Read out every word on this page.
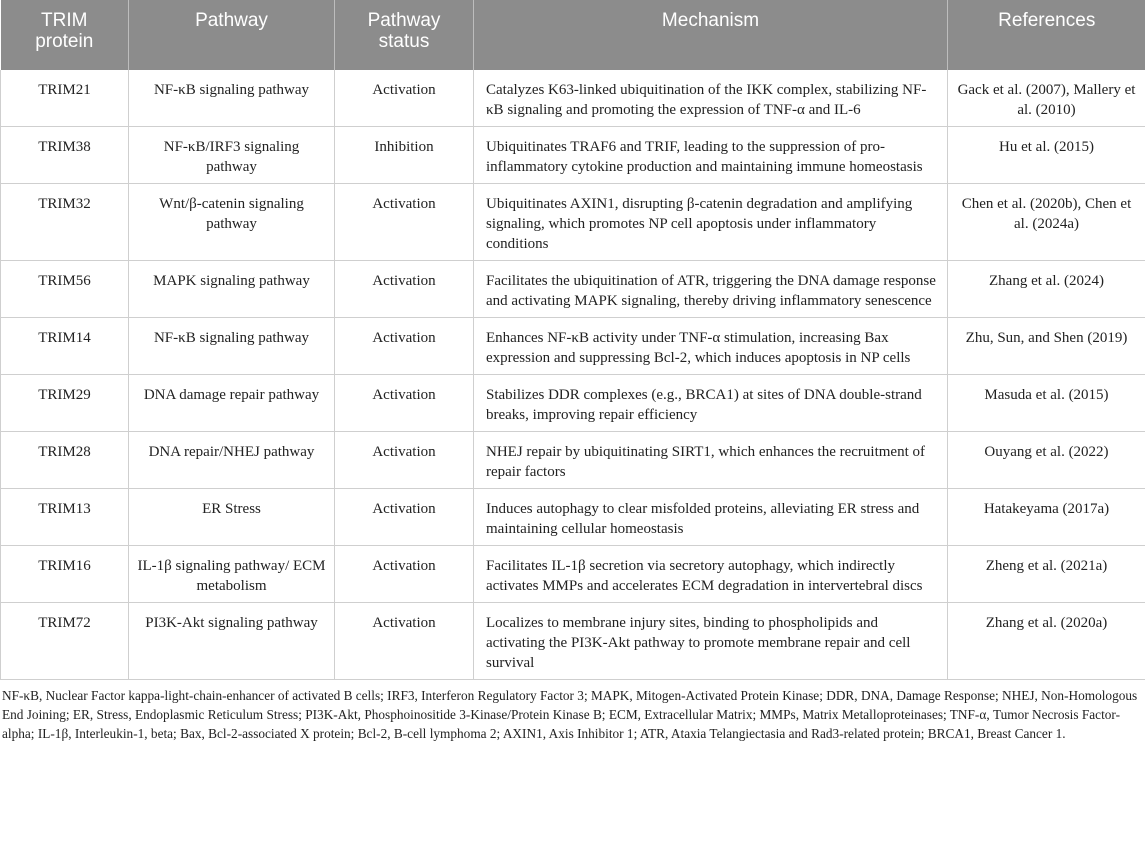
TRIM protein	Pathway	Pathway status	Mechanism	References
TRIM21	NF-κB signaling pathway	Activation	Catalyzes K63-linked ubiquitination of the IKK complex, stabilizing NF-κB signaling and promoting the expression of TNF-α and IL-6	Gack et al. (2007), Mallery et al. (2010)
TRIM38	NF-κB/IRF3 signaling pathway	Inhibition	Ubiquitinates TRAF6 and TRIF, leading to the suppression of pro-inflammatory cytokine production and maintaining immune homeostasis	Hu et al. (2015)
TRIM32	Wnt/β-catenin signaling pathway	Activation	Ubiquitinates AXIN1, disrupting β-catenin degradation and amplifying signaling, which promotes NP cell apoptosis under inflammatory conditions	Chen et al. (2020b), Chen et al. (2024a)
TRIM56	MAPK signaling pathway	Activation	Facilitates the ubiquitination of ATR, triggering the DNA damage response and activating MAPK signaling, thereby driving inflammatory senescence	Zhang et al. (2024)
TRIM14	NF-κB signaling pathway	Activation	Enhances NF-κB activity under TNF-α stimulation, increasing Bax expression and suppressing Bcl-2, which induces apoptosis in NP cells	Zhu, Sun, and Shen (2019)
TRIM29	DNA damage repair pathway	Activation	Stabilizes DDR complexes (e.g., BRCA1) at sites of DNA double-strand breaks, improving repair efficiency	Masuda et al. (2015)
TRIM28	DNA repair/NHEJ pathway	Activation	NHEJ repair by ubiquitinating SIRT1, which enhances the recruitment of repair factors	Ouyang et al. (2022)
TRIM13	ER Stress	Activation	Induces autophagy to clear misfolded proteins, alleviating ER stress and maintaining cellular homeostasis	Hatakeyama (2017a)
TRIM16	IL-1β signaling pathway/ ECM metabolism	Activation	Facilitates IL-1β secretion via secretory autophagy, which indirectly activates MMPs and accelerates ECM degradation in intervertebral discs	Zheng et al. (2021a)
TRIM72	PI3K-Akt signaling pathway	Activation	Localizes to membrane injury sites, binding to phospholipids and activating the PI3K-Akt pathway to promote membrane repair and cell survival	Zhang et al. (2020a)
NF-κB, Nuclear Factor kappa-light-chain-enhancer of activated B cells; IRF3, Interferon Regulatory Factor 3; MAPK, Mitogen-Activated Protein Kinase; DDR, DNA, Damage Response; NHEJ, Non-Homologous End Joining; ER, Stress, Endoplasmic Reticulum Stress; PI3K-Akt, Phosphoinositide 3-Kinase/Protein Kinase B; ECM, Extracellular Matrix; MMPs, Matrix Metalloproteinases; TNF-α, Tumor Necrosis Factor-alpha; IL-1β, Interleukin-1, beta; Bax, Bcl-2-associated X protein; Bcl-2, B-cell lymphoma 2; AXIN1, Axis Inhibitor 1; ATR, Ataxia Telangiectasia and Rad3-related protein; BRCA1, Breast Cancer 1.
